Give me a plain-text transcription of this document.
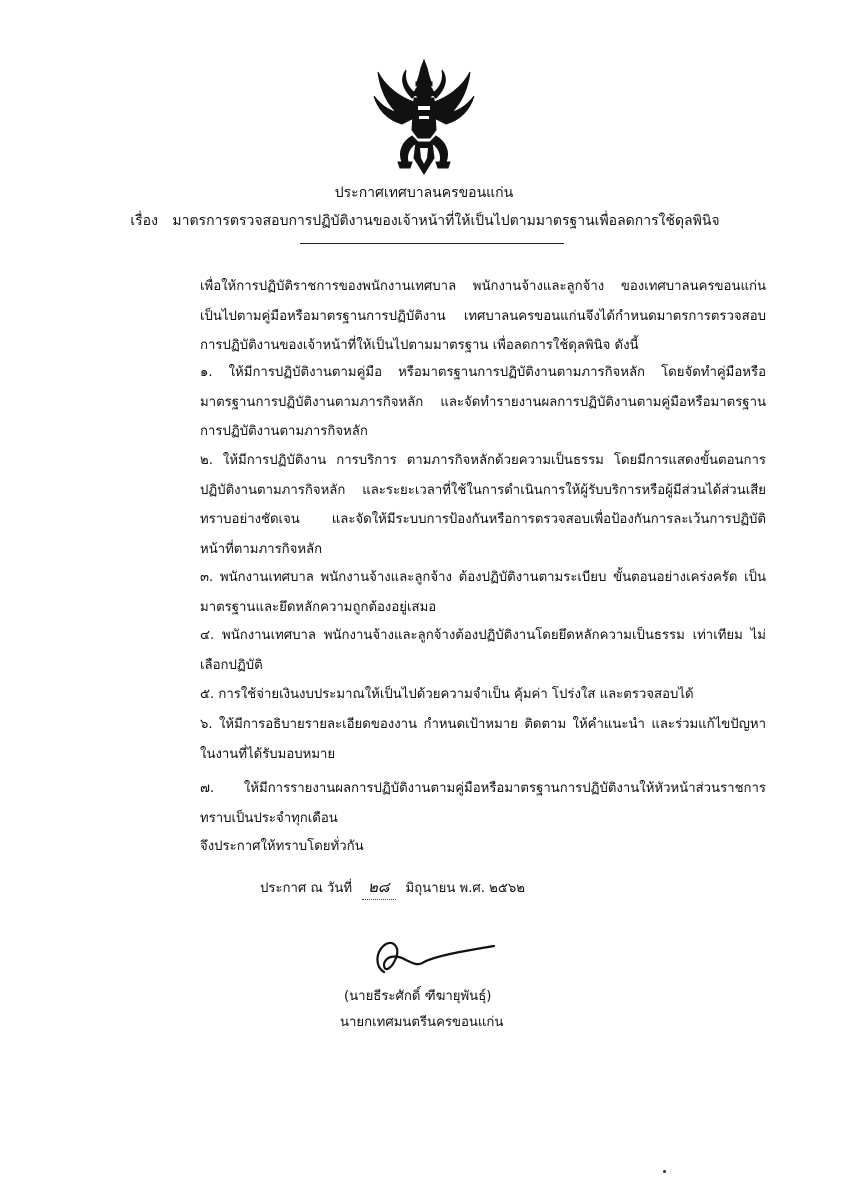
ประกาศเทศบาลนครขอนแก่น
เรื่อง มาตรการตรวจสอบการปฏิบัติงานของเจ้าหน้าที่ให้เป็นไปตามมาตรฐานเพื่อลดการใช้ดุลพินิจ
เพื่อให้การปฏิบัติราชการของพนักงานเทศบาล พนักงานจ้างและลูกจ้าง ของเทศบาลนครขอนแก่น เป็นไปตามคู่มือหรือมาตรฐานการปฏิบัติงาน เทศบาลนครขอนแก่นจึงได้กำหนดมาตรการตรวจสอบการปฏิบัติงานของเจ้าหน้าที่ให้เป็นไปตามมาตรฐาน เพื่อลดการใช้ดุลพินิจ ดังนี้
๑. ให้มีการปฏิบัติงานตามคู่มือ หรือมาตรฐานการปฏิบัติงานตามภารกิจหลัก โดยจัดทำคู่มือหรือมาตรฐานการปฏิบัติงานตามภารกิจหลัก และจัดทำรายงานผลการปฏิบัติงานตามคู่มือหรือมาตรฐานการปฏิบัติงานตามภารกิจหลัก
๒. ให้มีการปฏิบัติงาน การบริการ ตามภารกิจหลักด้วยความเป็นธรรม โดยมีการแสดงขั้นตอนการปฏิบัติงานตามภารกิจหลัก และระยะเวลาที่ใช้ในการดำเนินการให้ผู้รับบริการหรือผู้มีส่วนได้ส่วนเสียทราบอย่างชัดเจน และจัดให้มีระบบการป้องกันหรือการตรวจสอบเพื่อป้องกันการละเว้นการปฏิบัติหน้าที่ตามภารกิจหลัก
๓. พนักงานเทศบาล พนักงานจ้างและลูกจ้าง ต้องปฏิบัติงานตามระเบียบ ขั้นตอนอย่างเคร่งครัด เป็นมาตรฐานและยึดหลักความถูกต้องอยู่เสมอ
๔. พนักงานเทศบาล พนักงานจ้างและลูกจ้างต้องปฏิบัติงานโดยยึดหลักความเป็นธรรม เท่าเทียม ไม่เลือกปฏิบัติ
๕. การใช้จ่ายเงินงบประมาณให้เป็นไปด้วยความจำเป็น คุ้มค่า โปร่งใส และตรวจสอบได้
๖. ให้มีการอธิบายรายละเอียดของงาน กำหนดเป้าหมาย ติดตาม ให้คำแนะนำ และร่วมแก้ไขปัญหาในงานที่ได้รับมอบหมาย
๗. ให้มีการรายงานผลการปฏิบัติงานตามคู่มือหรือมาตรฐานการปฏิบัติงานให้หัวหน้าส่วนราชการทราบเป็นประจำทุกเดือน
จึงประกาศให้ทราบโดยทั่วกัน
ประกาศ ณ วันที่ ๒๘ มิถุนายน พ.ศ. ๒๕๖๒
(นายธีระศักดิ์ ฑีฆายุพันธุ์)
นายกเทศมนตรีนครขอนแก่น
